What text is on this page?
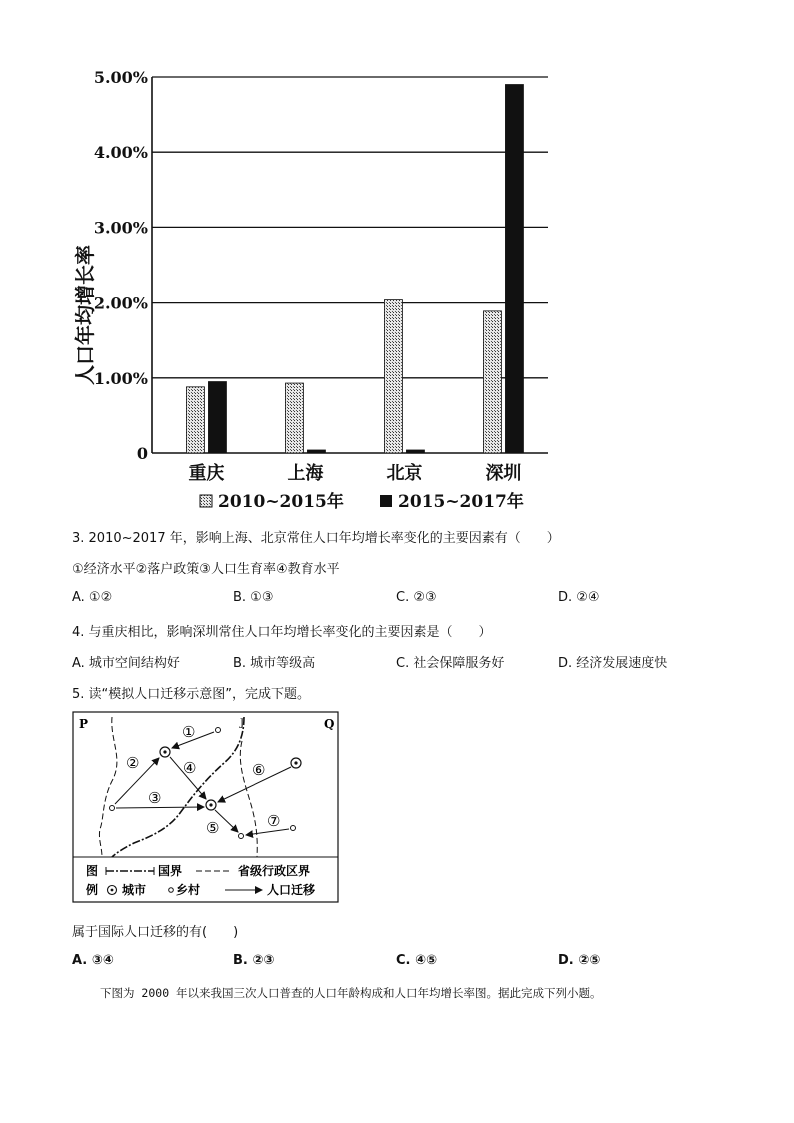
0
1.00%
2.00%
3.00%
4.00%
5.00%
重庆	上海	北京	深圳
人口年均增长率
2010~2015年	2015~2017年
3. 2010~2017 年，影响上海、北京常住人口年均增长率变化的主要因素有（　　）
①经济水平②落户政策③人口生育率④教育水平
A. ①②	B. ①③	C. ②③	D. ②④
4. 与重庆相比，影响深圳常住人口年均增长率变化的主要因素是（　　）
A. 城市空间结构好	B. 城市等级高	C. 社会保障服务好	D. 经济发展速度快
5. 读“模拟人口迁移示意图”，完成下题。
P	Q
J
①
②
③
④
⑤
⑥
⑦
图
例
国界	省级行政区界
城市 乡村	人口迁移
属于国际人口迁移的有(　　)
A. ③④	B. ②③	C. ④⑤	D. ②⑤
下图为 2000 年以来我国三次人口普查的人口年龄构成和人口年均增长率图。据此完成下列小题。
